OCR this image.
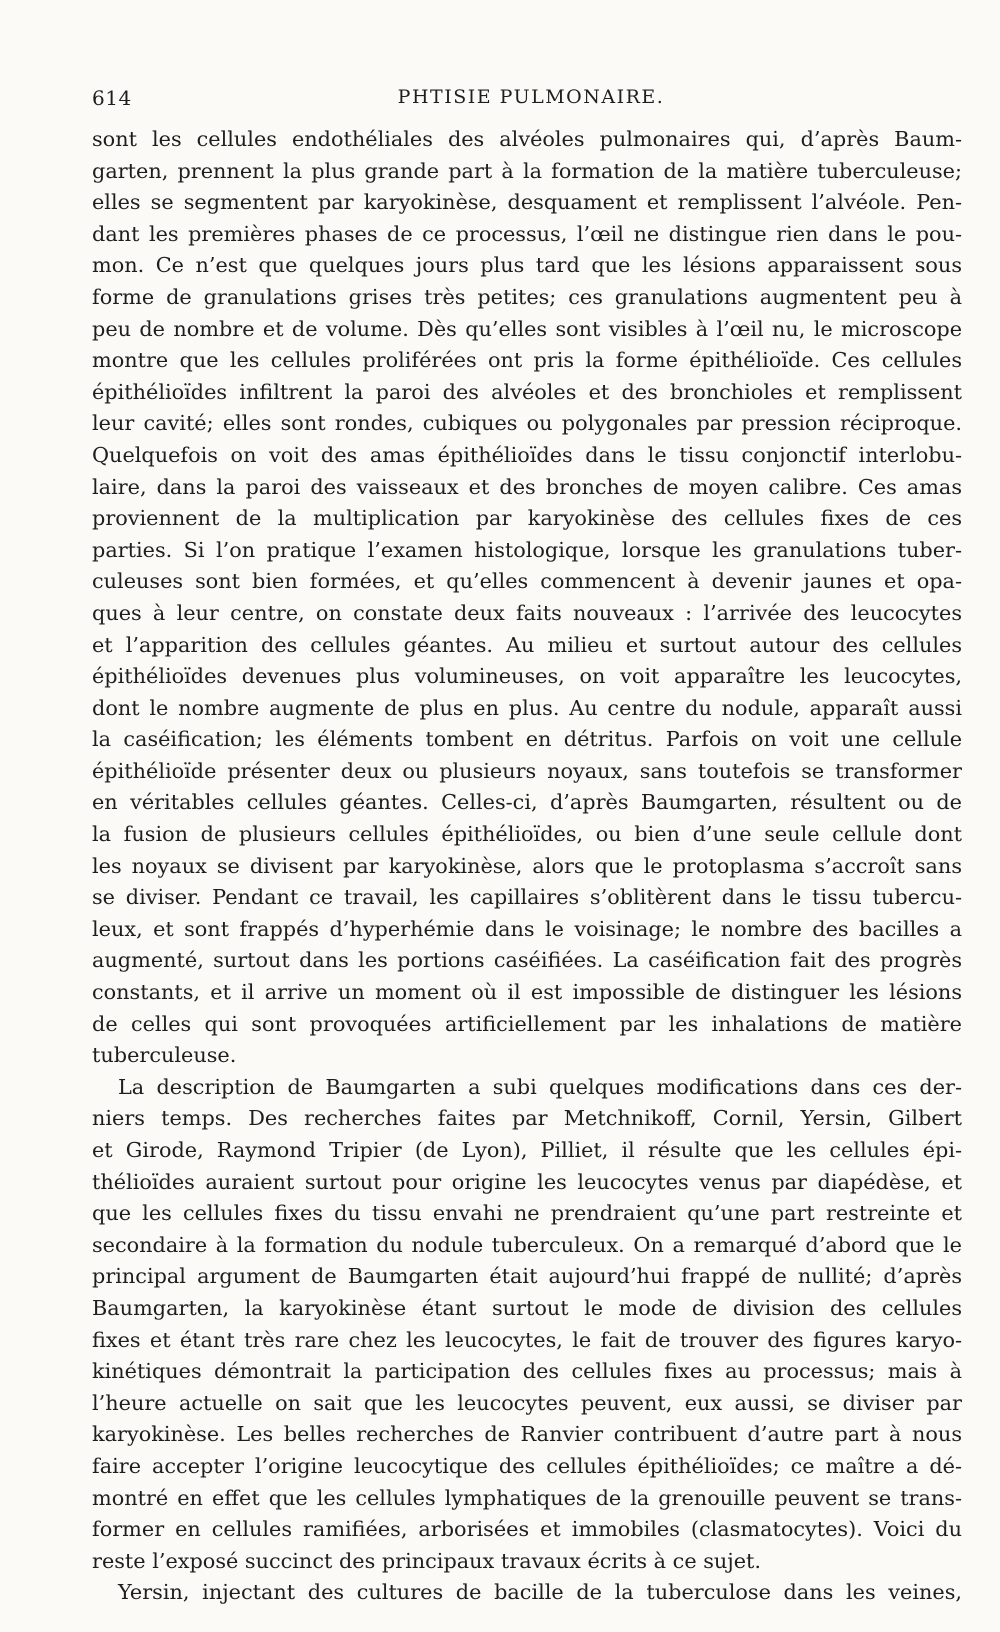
614	PHTISIE PULMONAIRE.
sont les cellules endothéliales des alvéoles pulmonaires qui, d’après Baum-
garten, prennent la plus grande part à la formation de la matière tuberculeuse;
elles se segmentent par karyokinèse, desquament et remplissent l’alvéole. Pen-
dant les premières phases de ce processus, l’œil ne distingue rien dans le pou-
mon. Ce n’est que quelques jours plus tard que les lésions apparaissent sous
forme de granulations grises très petites; ces granulations augmentent peu à
peu de nombre et de volume. Dès qu’elles sont visibles à l’œil nu, le microscope
montre que les cellules proliférées ont pris la forme épithélioïde. Ces cellules
épithélioïdes infiltrent la paroi des alvéoles et des bronchioles et remplissent
leur cavité; elles sont rondes, cubiques ou polygonales par pression réciproque.
Quelquefois on voit des amas épithélioïdes dans le tissu conjonctif interlobu-
laire, dans la paroi des vaisseaux et des bronches de moyen calibre. Ces amas
proviennent de la multiplication par karyokinèse des cellules fixes de ces
parties. Si l’on pratique l’examen histologique, lorsque les granulations tuber-
culeuses sont bien formées, et qu’elles commencent à devenir jaunes et opa-
ques à leur centre, on constate deux faits nouveaux : l’arrivée des leucocytes
et l’apparition des cellules géantes. Au milieu et surtout autour des cellules
épithélioïdes devenues plus volumineuses, on voit apparaître les leucocytes,
dont le nombre augmente de plus en plus. Au centre du nodule, apparaît aussi
la caséification; les éléments tombent en détritus. Parfois on voit une cellule
épithélioïde présenter deux ou plusieurs noyaux, sans toutefois se transformer
en véritables cellules géantes. Celles-ci, d’après Baumgarten, résultent ou de
la fusion de plusieurs cellules épithélioïdes, ou bien d’une seule cellule dont
les noyaux se divisent par karyokinèse, alors que le protoplasma s’accroît sans
se diviser. Pendant ce travail, les capillaires s’oblitèrent dans le tissu tubercu-
leux, et sont frappés d’hyperhémie dans le voisinage; le nombre des bacilles a
augmenté, surtout dans les portions caséifiées. La caséification fait des progrès
constants, et il arrive un moment où il est impossible de distinguer les lésions
de celles qui sont provoquées artificiellement par les inhalations de matière
tuberculeuse.
La description de Baumgarten a subi quelques modifications dans ces der-
niers temps. Des recherches faites par Metchnikoff, Cornil, Yersin, Gilbert
et Girode, Raymond Tripier (de Lyon), Pilliet, il résulte que les cellules épi-
thélioïdes auraient surtout pour origine les leucocytes venus par diapédèse, et
que les cellules fixes du tissu envahi ne prendraient qu’une part restreinte et
secondaire à la formation du nodule tuberculeux. On a remarqué d’abord que le
principal argument de Baumgarten était aujourd’hui frappé de nullité; d’après
Baumgarten, la karyokinèse étant surtout le mode de division des cellules
fixes et étant très rare chez les leucocytes, le fait de trouver des figures karyo-
kinétiques démontrait la participation des cellules fixes au processus; mais à
l’heure actuelle on sait que les leucocytes peuvent, eux aussi, se diviser par
karyokinèse. Les belles recherches de Ranvier contribuent d’autre part à nous
faire accepter l’origine leucocytique des cellules épithélioïdes; ce maître a dé-
montré en effet que les cellules lymphatiques de la grenouille peuvent se trans-
former en cellules ramifiées, arborisées et immobiles (clasmatocytes). Voici du
reste l’exposé succinct des principaux travaux écrits à ce sujet.
Yersin, injectant des cultures de bacille de la tuberculose dans les veines,
